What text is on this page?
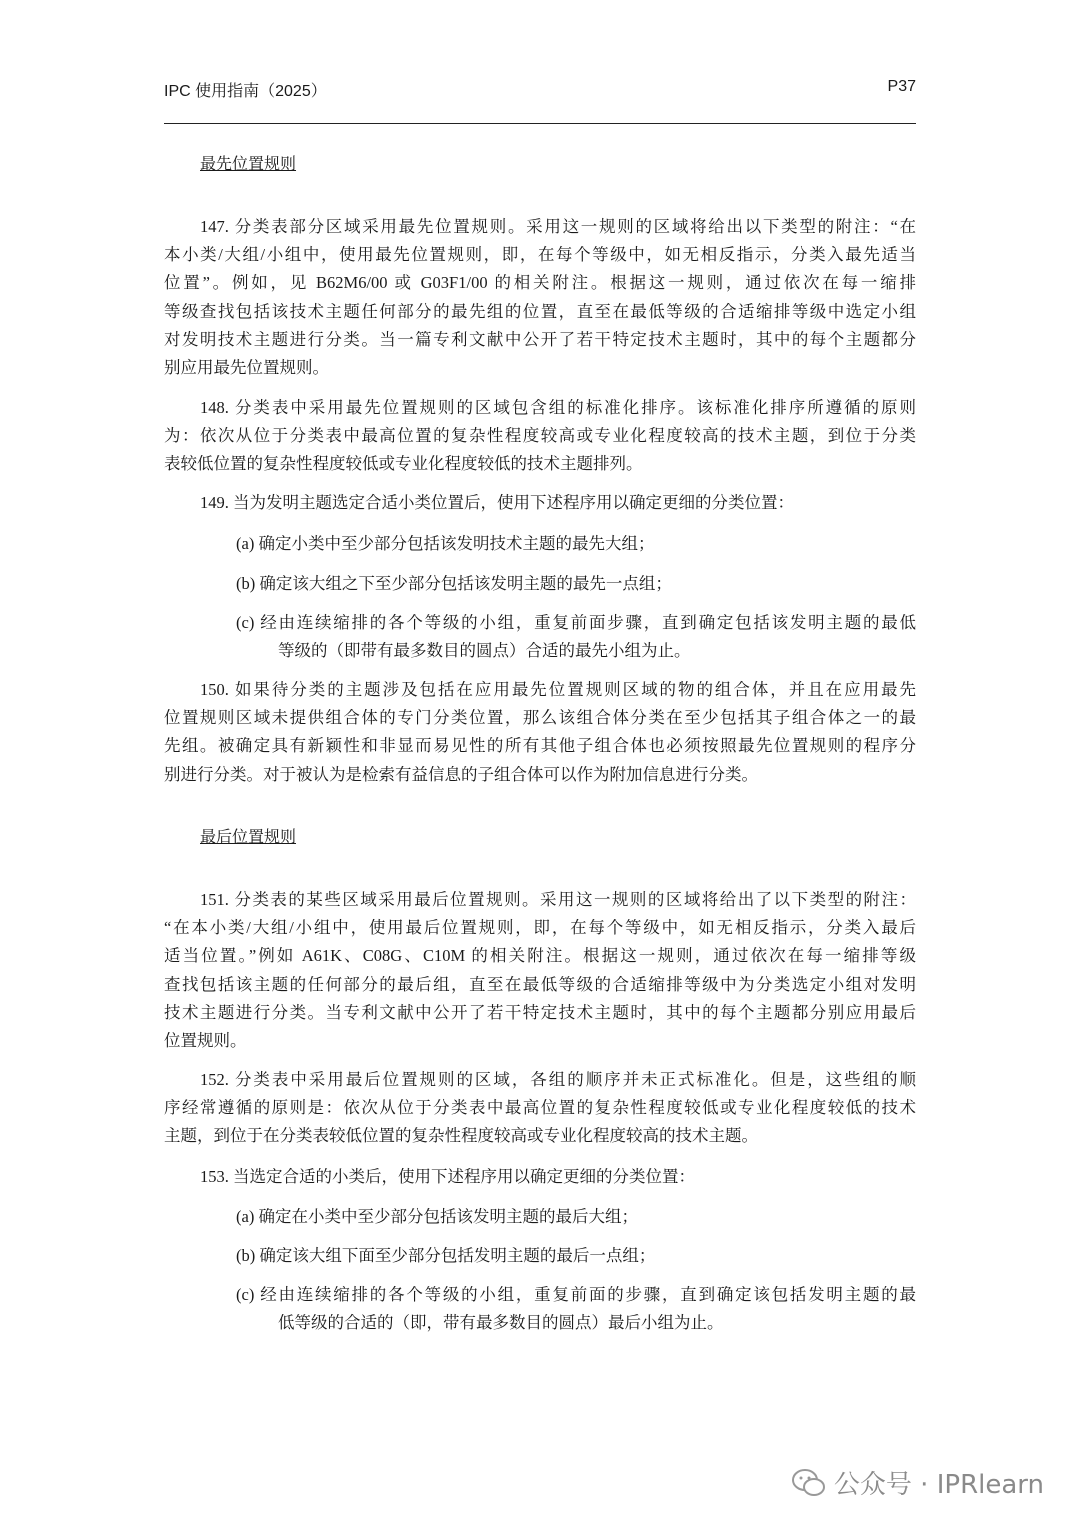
IPC 使用指南（2025）	P37
最先位置规则
147. 分类表部分区域采用最先位置规则。采用这一规则的区域将给出以下类型的附注：“在
本小类/大组/小组中，使用最先位置规则，即，在每个等级中，如无相反指示，分类入最先适当
位置”。例如，见 B62M6/00 或 G03F1/00 的相关附注。根据这一规则，通过依次在每一缩排
等级查找包括该技术主题任何部分的最先组的位置，直至在最低等级的合适缩排等级中选定小组
对发明技术主题进行分类。当一篇专利文献中公开了若干特定技术主题时，其中的每个主题都分
别应用最先位置规则。
148. 分类表中采用最先位置规则的区域包含组的标准化排序。该标准化排序所遵循的原则
为：依次从位于分类表中最高位置的复杂性程度较高或专业化程度较高的技术主题，到位于分类
表较低位置的复杂性程度较低或专业化程度较低的技术主题排列。
149. 当为发明主题选定合适小类位置后，使用下述程序用以确定更细的分类位置：
(a) 确定小类中至少部分包括该发明技术主题的最先大组；
(b) 确定该大组之下至少部分包括该发明主题的最先一点组；
(c) 经由连续缩排的各个等级的小组，重复前面步骤，直到确定包括该发明主题的最低
等级的（即带有最多数目的圆点）合适的最先小组为止。
150. 如果待分类的主题涉及包括在应用最先位置规则区域的物的组合体，并且在应用最先
位置规则区域未提供组合体的专门分类位置，那么该组合体分类在至少包括其子组合体之一的最
先组。被确定具有新颖性和非显而易见性的所有其他子组合体也必须按照最先位置规则的程序分
别进行分类。对于被认为是检索有益信息的子组合体可以作为附加信息进行分类。
最后位置规则
151. 分类表的某些区域采用最后位置规则。采用这一规则的区域将给出了以下类型的附注：
“在本小类/大组/小组中，使用最后位置规则，即，在每个等级中，如无相反指示，分类入最后
适当位置。”例如 A61K、C08G、C10M 的相关附注。根据这一规则，通过依次在每一缩排等级
查找包括该主题的任何部分的最后组，直至在最低等级的合适缩排等级中为分类选定小组对发明
技术主题进行分类。当专利文献中公开了若干特定技术主题时，其中的每个主题都分别应用最后
位置规则。
152. 分类表中采用最后位置规则的区域，各组的顺序并未正式标准化。但是，这些组的顺
序经常遵循的原则是：依次从位于分类表中最高位置的复杂性程度较低或专业化程度较低的技术
主题，到位于在分类表较低位置的复杂性程度较高或专业化程度较高的技术主题。
153. 当选定合适的小类后，使用下述程序用以确定更细的分类位置：
(a) 确定在小类中至少部分包括该发明主题的最后大组；
(b) 确定该大组下面至少部分包括发明主题的最后一点组；
(c) 经由连续缩排的各个等级的小组，重复前面的步骤，直到确定该包括发明主题的最
低等级的合适的（即，带有最多数目的圆点）最后小组为止。
公众号 · IPRlearn
